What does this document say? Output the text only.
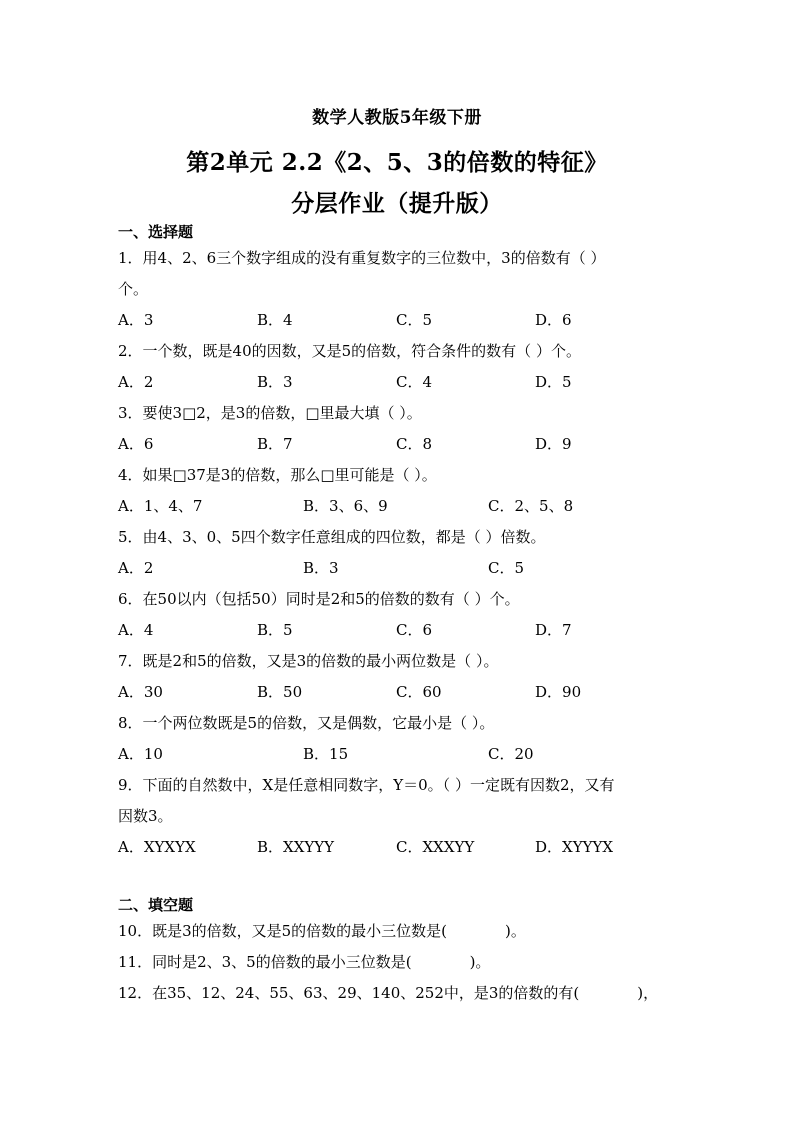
数学人教版5年级下册
第2单元 2.2《2、5、3的倍数的特征》
分层作业（提升版）
一、选择题
1．用4、2、6三个数字组成的没有重复数字的三位数中，3的倍数有（ ）
个。
A．3	B．4	C．5	D．6
2．一个数，既是40的因数，又是5的倍数，符合条件的数有（ ）个。
A．2	B．3	C．4	D．5
3．要使3□2，是3的倍数，□里最大填（ ）。
A．6	B．7	C．8	D．9
4．如果□37是3的倍数，那么□里可能是（ ）。
A．1、4、7	B．3、6、9	C．2、5、8
5．由4、3、0、5四个数字任意组成的四位数，都是（ ）倍数。
A．2	B．3	C．5
6．在50以内（包括50）同时是2和5的倍数的数有（ ）个。
A．4	B．5	C．6	D．7
7．既是2和5的倍数，又是3的倍数的最小两位数是（ ）。
A．30	B．50	C．60	D．90
8．一个两位数既是5的倍数，又是偶数，它最小是（ ）。
A．10	B．15	C．20
9．下面的自然数中，X是任意相同数字，Y＝0。（ ）一定既有因数2，又有
因数3。
A．XYXYX	B．XXYYY	C．XXXYY	D．XYYYX
二、填空题
10．既是3的倍数，又是5的倍数的最小三位数是(	)。
11．同时是2、3、5的倍数的最小三位数是(	)。
12．在35、12、24、55、63、29、140、252中，是3的倍数的有(	)，
